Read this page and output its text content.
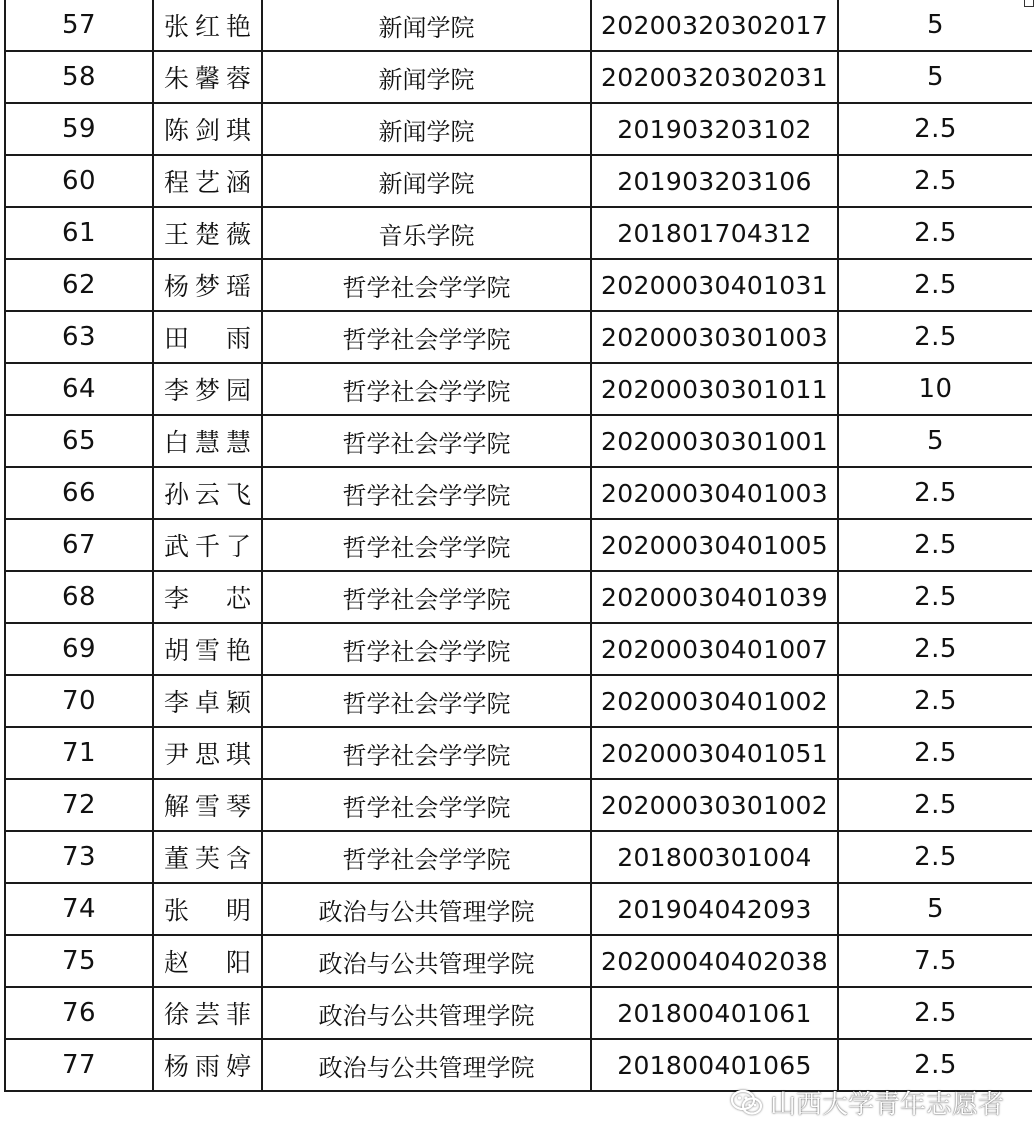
57	张红艳	新闻学院	20200320302017	5
58	朱馨蓉	新闻学院	20200320302031	5
59	陈剑琪	新闻学院	201903203102	2.5
60	程艺涵	新闻学院	201903203106	2.5
61	王楚薇	音乐学院	201801704312	2.5
62	杨梦瑶	哲学社会学学院	20200030401031	2.5
63	田雨	哲学社会学学院	20200030301003	2.5
64	李梦园	哲学社会学学院	20200030301011	10
65	白慧慧	哲学社会学学院	20200030301001	5
66	孙云飞	哲学社会学学院	20200030401003	2.5
67	武千了	哲学社会学学院	20200030401005	2.5
68	李芯	哲学社会学学院	20200030401039	2.5
69	胡雪艳	哲学社会学学院	20200030401007	2.5
70	李卓颖	哲学社会学学院	20200030401002	2.5
71	尹思琪	哲学社会学学院	20200030401051	2.5
72	解雪琴	哲学社会学学院	20200030301002	2.5
73	董芙含	哲学社会学学院	201800301004	2.5
74	张明	政治与公共管理学院	201904042093	5
75	赵阳	政治与公共管理学院	20200040402038	7.5
76	徐芸菲	政治与公共管理学院	201800401061	2.5
77	杨雨婷	政治与公共管理学院	201800401065	2.5
山西大学青年志愿者
